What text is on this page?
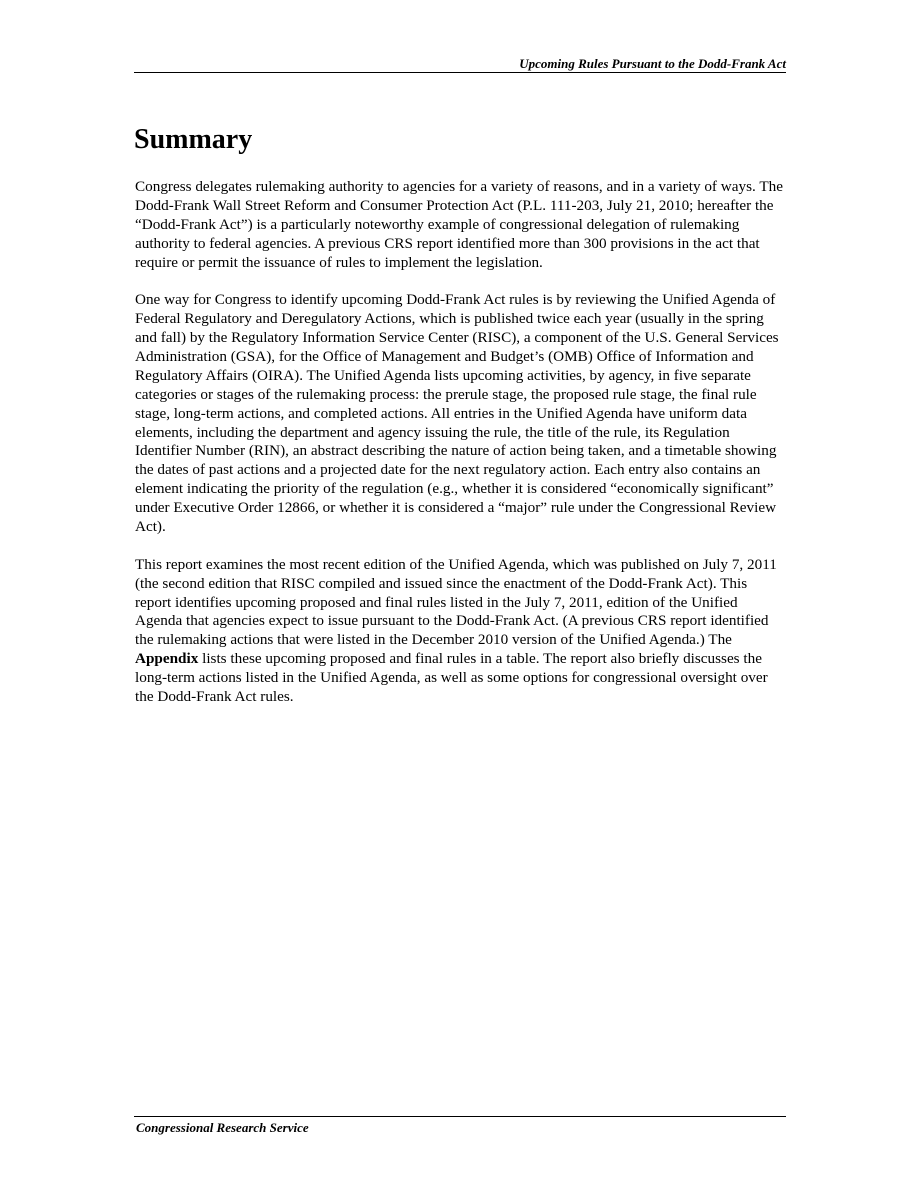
Upcoming Rules Pursuant to the Dodd-Frank Act
Summary

Congress delegates rulemaking authority to agencies for a variety of reasons, and in a variety of ways. The Dodd-Frank Wall Street Reform and Consumer Protection Act (P.L. 111-203, July 21, 2010; hereafter the “Dodd-Frank Act”) is a particularly noteworthy example of congressional delegation of rulemaking authority to federal agencies. A previous CRS report identified more than 300 provisions in the act that require or permit the issuance of rules to implement the legislation.

One way for Congress to identify upcoming Dodd-Frank Act rules is by reviewing the Unified Agenda of Federal Regulatory and Deregulatory Actions, which is published twice each year (usually in the spring and fall) by the Regulatory Information Service Center (RISC), a component of the U.S. General Services Administration (GSA), for the Office of Management and Budget’s (OMB) Office of Information and Regulatory Affairs (OIRA). The Unified Agenda lists upcoming activities, by agency, in five separate categories or stages of the rulemaking process: the prerule stage, the proposed rule stage, the final rule stage, long-term actions, and completed actions. All entries in the Unified Agenda have uniform data elements, including the department and agency issuing the rule, the title of the rule, its Regulation Identifier Number (RIN), an abstract describing the nature of action being taken, and a timetable showing the dates of past actions and a projected date for the next regulatory action. Each entry also contains an element indicating the priority of the regulation (e.g., whether it is considered “economically significant” under Executive Order 12866, or whether it is considered a “major” rule under the Congressional Review Act).

This report examines the most recent edition of the Unified Agenda, which was published on July 7, 2011 (the second edition that RISC compiled and issued since the enactment of the Dodd-Frank Act). This report identifies upcoming proposed and final rules listed in the July 7, 2011, edition of the Unified Agenda that agencies expect to issue pursuant to the Dodd-Frank Act. (A previous CRS report identified the rulemaking actions that were listed in the December 2010 version of the Unified Agenda.) The Appendix lists these upcoming proposed and final rules in a table. The report also briefly discusses the long-term actions listed in the Unified Agenda, as well as some options for congressional oversight over the Dodd-Frank Act rules.

Congressional Research Service
